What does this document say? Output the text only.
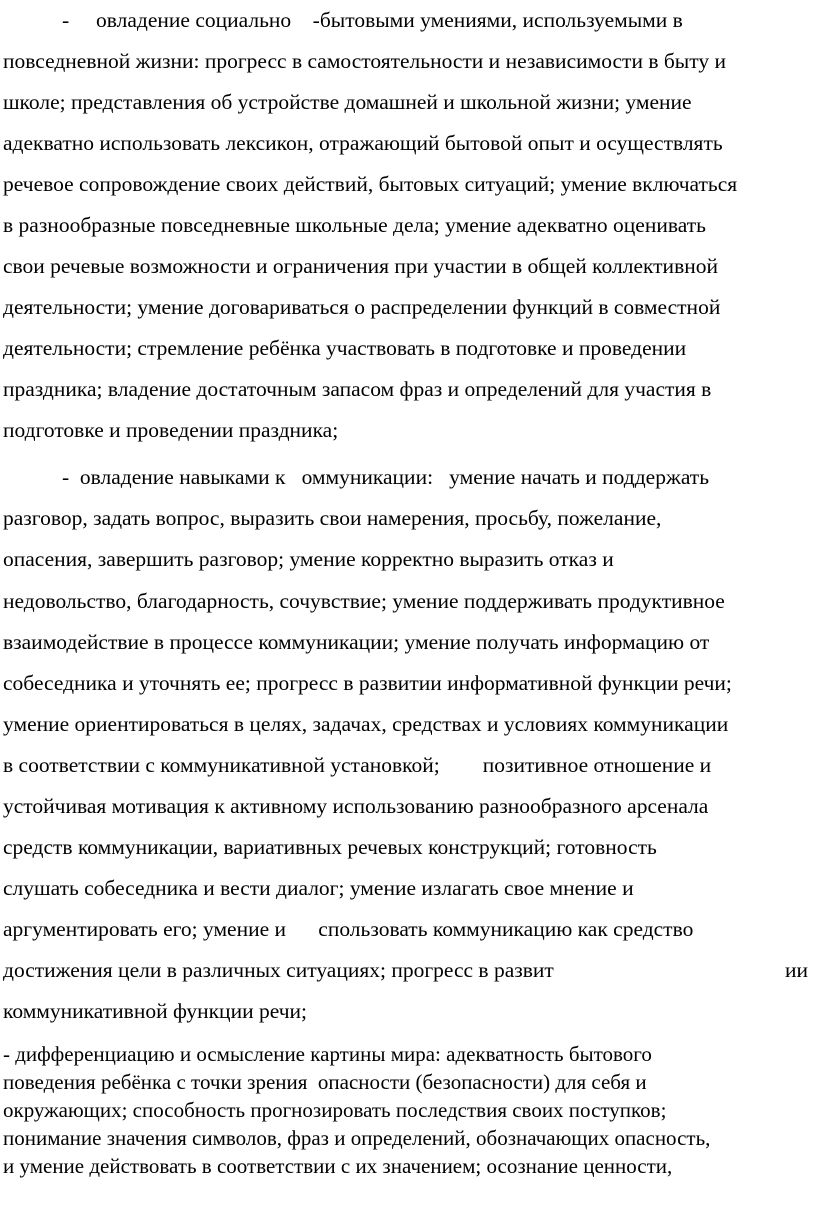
-     овладение социально    -бытовыми умениями, используемыми в
повседневной жизни: прогресс в самостоятельности и независимости в быту и
школе; представления об устройстве домашней и школьной жизни; умение
адекватно использовать лексикон, отражающий бытовой опыт и осуществлять
речевое сопровождение своих действий, бытовых ситуаций; умение включаться
в разнообразные повседневные школьные дела; умение адекватно оценивать
свои речевые возможности и ограничения при участии в общей коллективной
деятельности; умение договариваться о распределении функций в совместной
деятельности; стремление ребёнка участвовать в подготовке и проведении
праздника; владение достаточным запасом фраз и определений для участия в
подготовке и проведении праздника;
-  овладение навыками к   оммуникации:   умение начать и поддержать
разговор, задать вопрос, выразить свои намерения, просьбу, пожелание,
опасения, завершить разговор; умение корректно выразить отказ и
недовольство, благодарность, сочувствие; умение поддерживать продуктивное
взаимодействие в процессе коммуникации; умение получать информацию от
собеседника и уточнять ее; прогресс в развитии информативной функции речи;
умение ориентироваться в целях, задачах, средствах и условиях коммуникации
в соответствии с коммуникативной установкой;        позитивное отношение и
устойчивая мотивация к активному использованию разнообразного арсенала
средств коммуникации, вариативных речевых конструкций; готовность
слушать собеседника и вести диалог; умение излагать свое мнение и
аргументировать его; умение и      спользовать коммуникацию как средство
достижения цели в различных ситуациях; прогресс в развит	ии
коммуникативной функции речи;
- дифференциацию и осмысление картины мира: адекватность бытового
поведения ребёнка с точки зрения  опасности (безопасности) для себя и
окружающих; способность прогнозировать последствия своих поступков;
понимание значения символов, фраз и определений, обозначающих опасность,
и умение действовать в соответствии с их значением; осознание ценности,
